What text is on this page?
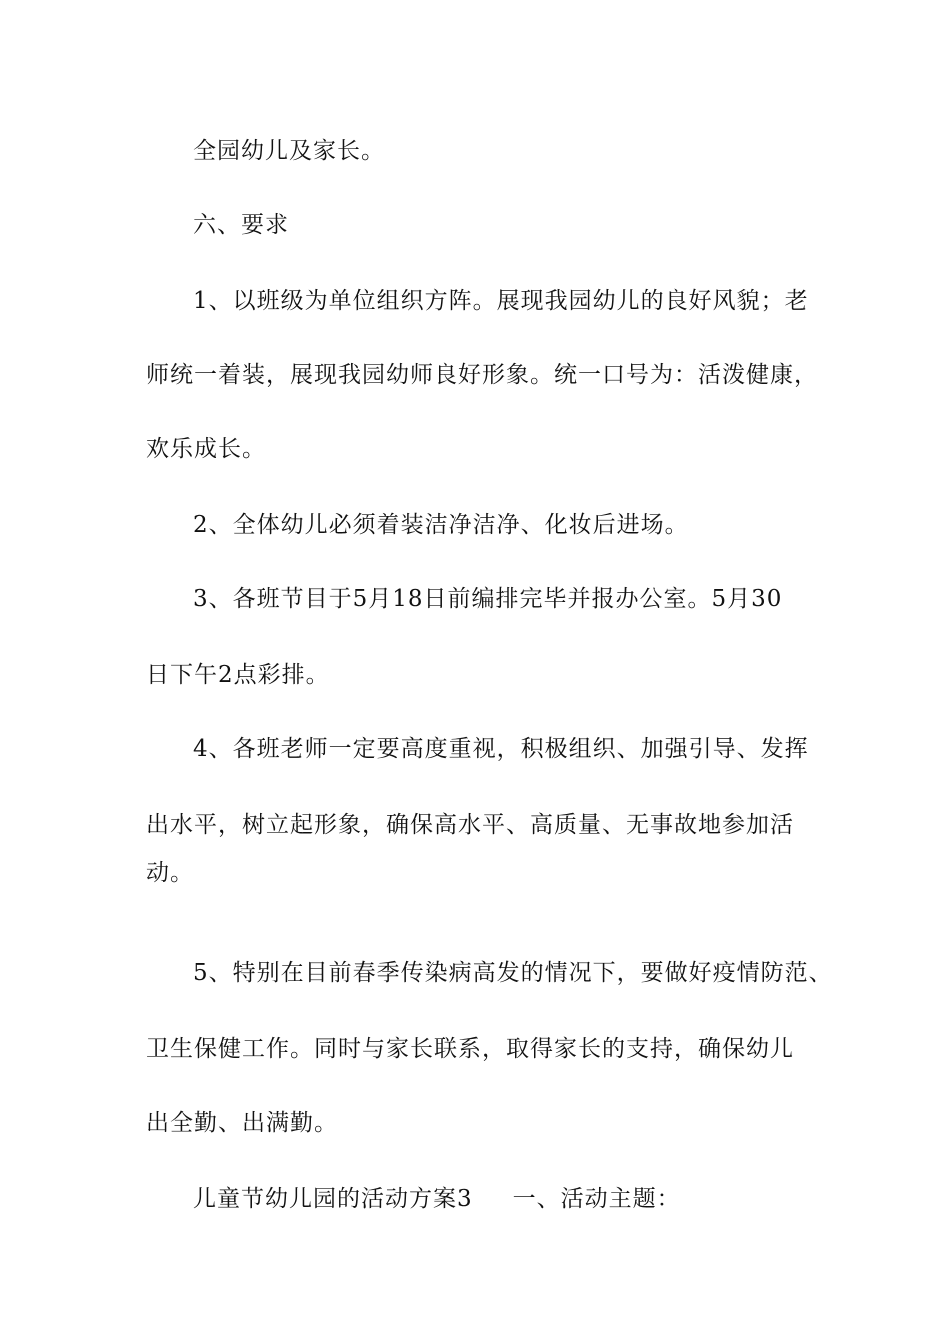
全园幼儿及家长。
六、要求
1、以班级为单位组织方阵。展现我园幼儿的良好风貌；老
师统一着装，展现我园幼师良好形象。统一口号为：活泼健康，
欢乐成长。
2、全体幼儿必须着装洁净洁净、化妆后进场。
3、各班节目于5月18日前编排完毕并报办公室。5月30
日下午2点彩排。
4、各班老师一定要高度重视，积极组织、加强引导、发挥
出水平，树立起形象，确保高水平、高质量、无事故地参加活
动。
5、特别在目前春季传染病高发的情况下，要做好疫情防范、
卫生保健工作。同时与家长联系，取得家长的支持，确保幼儿
出全勤、出满勤。
儿童节幼儿园的活动方案3 一、活动主题：
